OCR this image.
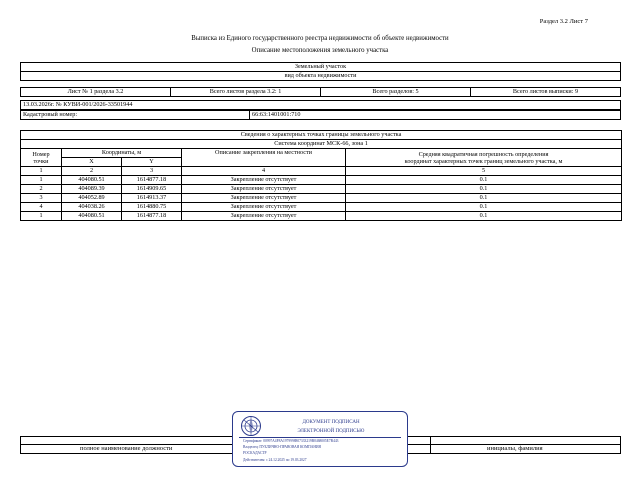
Раздел 3.2 Лист 7
Выписка из Единого государственного реестра недвижимости об объекте недвижимости
Описание местоположения земельного участка
Земельный участок
вид объекта недвижимости
Лист № 1 раздела 3.2	Всего листов раздела 3.2: 1	Всего разделов: 5	Всего листов выписки: 9
13.03.2026г. № КУВИ-001/2026-33501944
Кадастровый номер:	66:63:1401001:710
Сведения о характерных точках границы земельного участка				
Система координат МСК-66, зона 1				
Номер
точки	Координаты, м		Описание закрепления на местности	Средняя квадратичная погрешность определения
координат характерных точек границ земельного участка, м
	X	Y		
1	2	3	4	5
1	404080.51	1614877.18	Закрепление отсутствует	0.1
2	404089.39	1614909.65	Закрепление отсутствует	0.1
3	404052.89	1614913.37	Закрепление отсутствует	0.1
4	404038.26	1614880.75	Закрепление отсутствует	0.1
1	404080.51	1614877.18	Закрепление отсутствует	0.1
полное наименование должности	инициалы, фамилия
ДОКУМЕНТ ПОДПИСАН
ЭЛЕКТРОННОЙ ПОДПИСЬЮ
Сертификат: 00997A4F8A1979998807333219B0468005E7B443
Владелец: ПУБЛИЧНО-ПРАВОВАЯ КОМПАНИЯ
РОСКАДАСТР
Действителен: с 24.12.2025 по 19.03.2027
